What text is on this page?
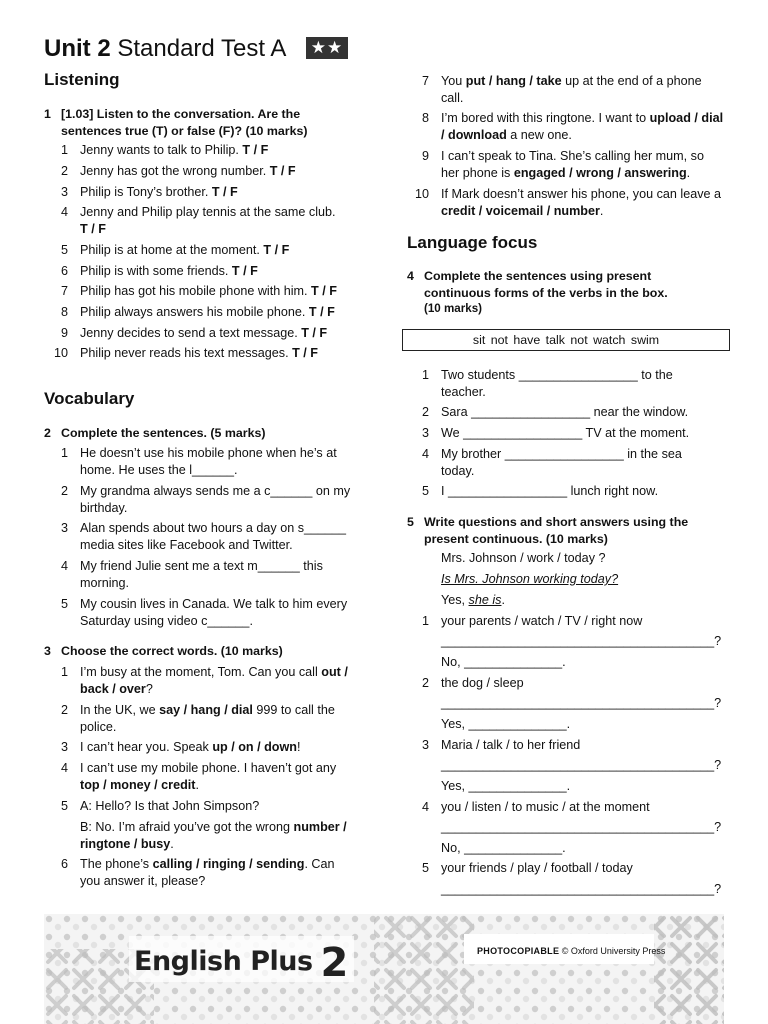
Unit 2 Standard Test A ★★
Listening
1 [1.03] Listen to the conversation. Are the sentences true (T) or false (F)? (10 marks)
1 Jenny wants to talk to Philip. T / F
2 Jenny has got the wrong number. T / F
3 Philip is Tony’s brother. T / F
4 Jenny and Philip play tennis at the same club. T / F
5 Philip is at home at the moment. T / F
6 Philip is with some friends. T / F
7 Philip has got his mobile phone with him. T / F
8 Philip always answers his mobile phone. T / F
9 Jenny decides to send a text message. T / F
10 Philip never reads his text messages. T / F
Vocabulary
2 Complete the sentences. (5 marks)
1 He doesn’t use his mobile phone when he’s at home. He uses the l______.
2 My grandma always sends me a c______ on my birthday.
3 Alan spends about two hours a day on s______ media sites like Facebook and Twitter.
4 My friend Julie sent me a text m______ this morning.
5 My cousin lives in Canada. We talk to him every Saturday using video c______.
3 Choose the correct words. (10 marks)
1 I’m busy at the moment, Tom. Can you call out / back / over?
2 In the UK, we say / hang / dial 999 to call the police.
3 I can’t hear you. Speak up / on / down!
4 I can’t use my mobile phone. I haven’t got any top / money / credit.
5 A: Hello? Is that John Simpson?
B: No. I’m afraid you’ve got the wrong number / ringtone / busy.
6 The phone’s calling / ringing / sending. Can you answer it, please?
7 You put / hang / take up at the end of a phone call.
8 I’m bored with this ringtone. I want to upload / dial / download a new one.
9 I can’t speak to Tina. She’s calling her mum, so her phone is engaged / wrong / answering.
10 If Mark doesn’t answer his phone, you can leave a credit / voicemail / number.
Language focus
4 Complete the sentences using present continuous forms of the verbs in the box.
(10 marks)
sit not have talk not watch swim
1 Two students _________________ to the teacher.
2 Sara _________________ near the window.
3 We _________________ TV at the moment.
4 My brother _________________ in the sea today.
5 I _________________ lunch right now.
5 Write questions and short answers using the present continuous. (10 marks)
Mrs. Johnson / work / today ?
Is Mrs. Johnson working today?
Yes, she is.
1 your parents / watch / TV / right now
_______________________________________?
No, ______________.
2 the dog / sleep
_______________________________________?
Yes, ______________.
3 Maria / talk / to her friend
_______________________________________?
Yes, ______________.
4 you / listen / to music / at the moment
_______________________________________?
No, ______________.
5 your friends / play / football / today
_______________________________________?
English Plus 2	PHOTOCOPIABLE © Oxford University Press
